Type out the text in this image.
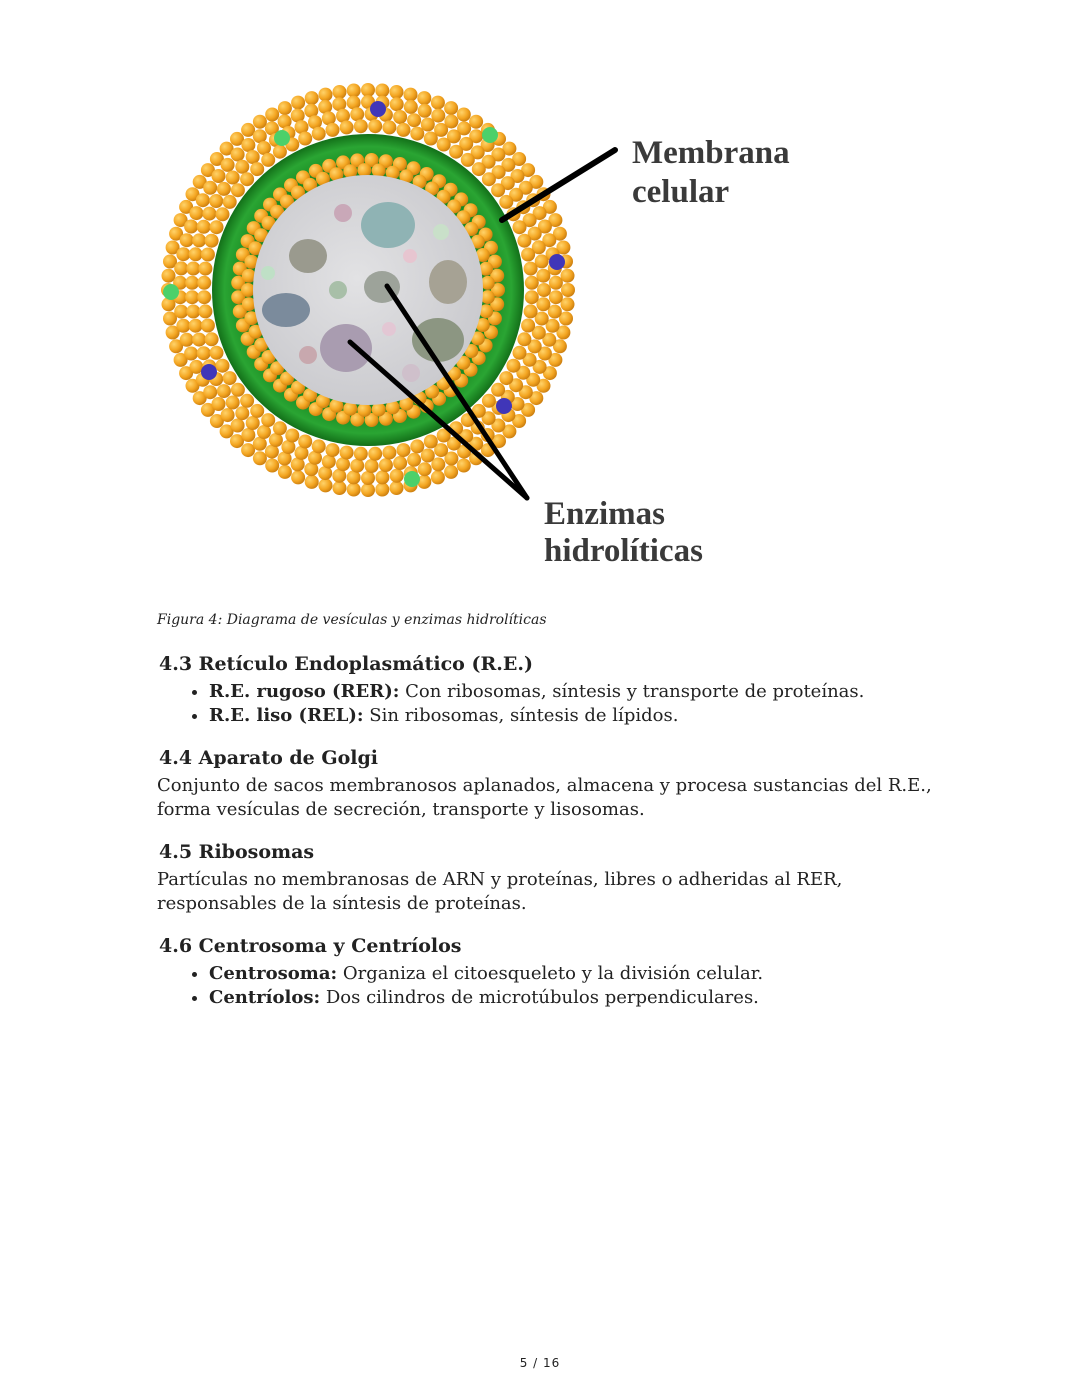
Membrana
celular
Enzimas
hidrolíticas
Figura 4: Diagrama de vesículas y enzimas hidrolíticas
4.3 Retículo Endoplasmático (R.E.)
• R.E. rugoso (RER): Con ribosomas, síntesis y transporte de proteínas.
• R.E. liso (REL): Sin ribosomas, síntesis de lípidos.
4.4 Aparato de Golgi

Conjunto de sacos membranosos aplanados, almacena y procesa sustancias del R.E., forma vesículas de secreción, transporte y lisosomas.

4.5 Ribosomas

Partículas no membranosas de ARN y proteínas, libres o adheridas al RER, responsables de la síntesis de proteínas.

4.6 Centrosoma y Centríolos
• Centrosoma: Organiza el citoesqueleto y la división celular.
• Centríolos: Dos cilindros de microtúbulos perpendiculares.
5 / 16
